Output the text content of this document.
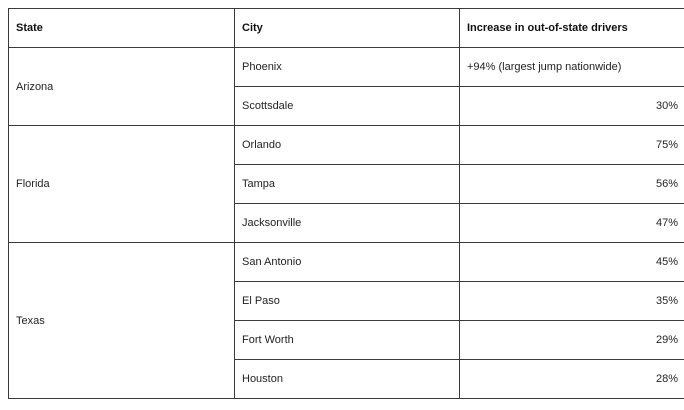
State	City	Increase in out-of-state drivers
Arizona	Phoenix	+94% (largest jump nationwide)
	Scottsdale	30%
Florida	Orlando	75%
	Tampa	56%
	Jacksonville	47%
Texas	San Antonio	45%
	El Paso	35%
	Fort Worth	29%
	Houston	28%
